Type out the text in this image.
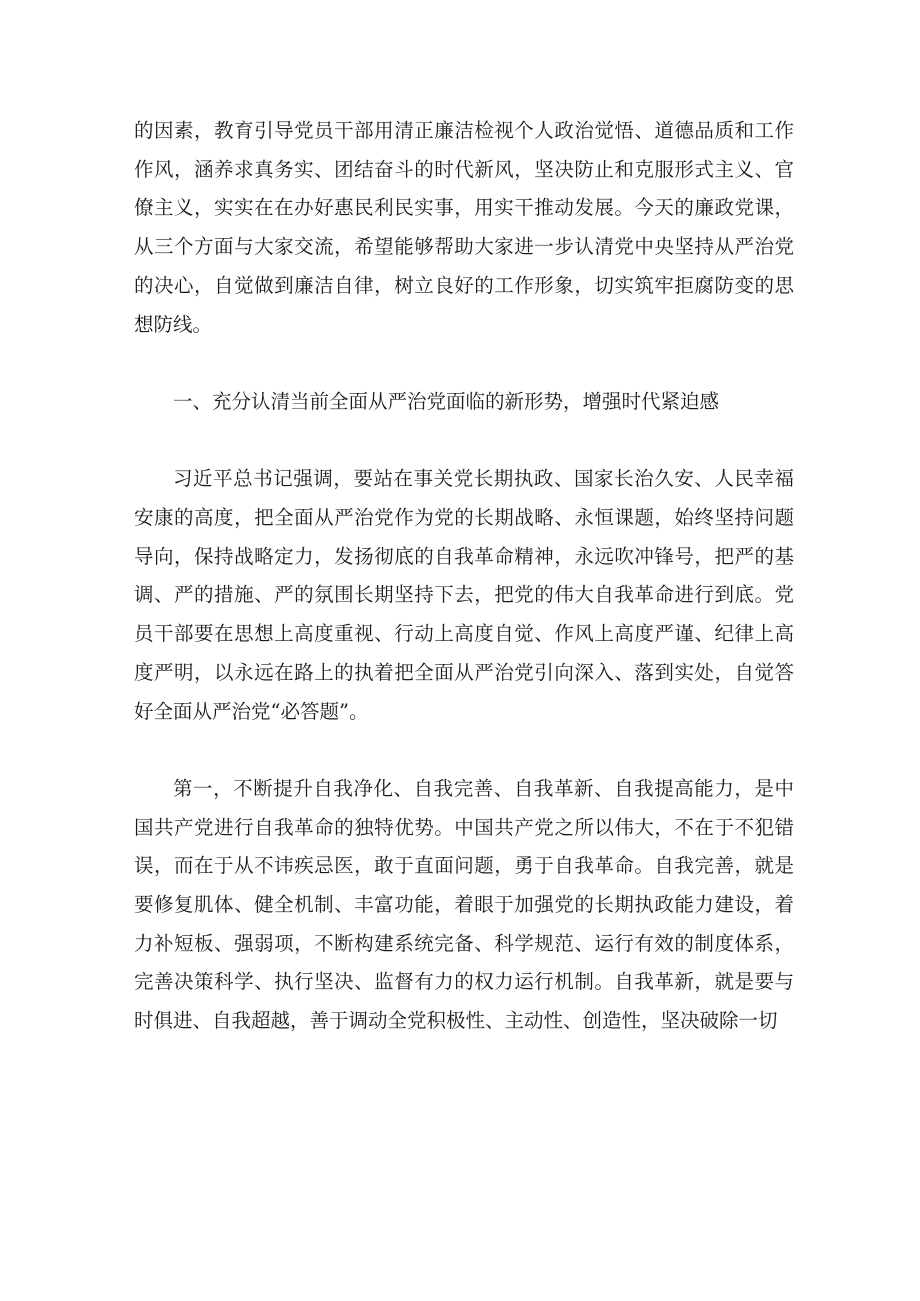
的因素，教育引导党员干部用清正廉洁检视个人政治觉悟、道德品质和工作作风，涵养求真务实、团结奋斗的时代新风，坚决防止和克服形式主义、官僚主义，实实在在办好惠民利民实事，用实干推动发展。今天的廉政党课，从三个方面与大家交流，希望能够帮助大家进一步认清党中央坚持从严治党的决心，自觉做到廉洁自律，树立良好的工作形象，切实筑牢拒腐防变的思想防线。

一、充分认清当前全面从严治党面临的新形势，增强时代紧迫感

习近平总书记强调，要站在事关党长期执政、国家长治久安、人民幸福安康的高度，把全面从严治党作为党的长期战略、永恒课题，始终坚持问题导向，保持战略定力，发扬彻底的自我革命精神，永远吹冲锋号，把严的基调、严的措施、严的氛围长期坚持下去，把党的伟大自我革命进行到底。党员干部要在思想上高度重视、行动上高度自觉、作风上高度严谨、纪律上高度严明，以永远在路上的执着把全面从严治党引向深入、落到实处，自觉答好全面从严治党“必答题”。

第一，不断提升自我净化、自我完善、自我革新、自我提高能力，是中国共产党进行自我革命的独特优势。中国共产党之所以伟大，不在于不犯错误，而在于从不讳疾忌医，敢于直面问题，勇于自我革命。自我完善，就是要修复肌体、健全机制、丰富功能，着眼于加强党的长期执政能力建设，着力补短板、强弱项，不断构建系统完备、科学规范、运行有效的制度体系，完善决策科学、执行坚决、监督有力的权力运行机制。自我革新，就是要与时俱进、自我超越，善于调动全党积极性、主动性、创造性，坚决破除一切
